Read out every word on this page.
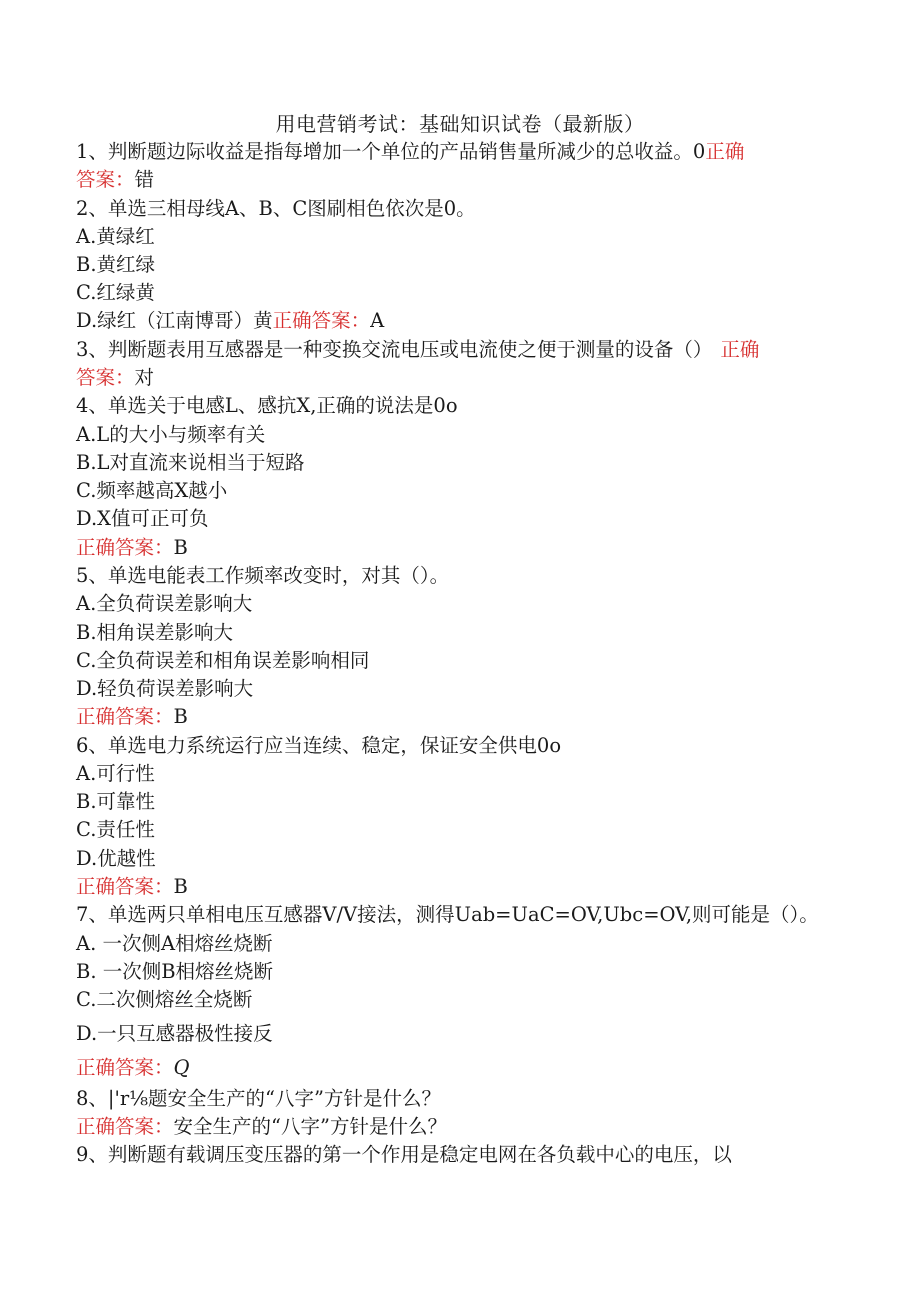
用电营销考试：基础知识试卷（最新版）
1、判断题边际收益是指每增加一个单位的产品销售量所减少的总收益。0正确
答案：错
2、单选三相母线A、B、C图刷相色依次是0。
A.黄绿红
B.黄红绿
C.红绿黄
D.绿红（江南博哥）黄正确答案：A
3、判断题表用互感器是一种变换交流电压或电流使之便于测量的设备（） 正确
答案：对
4、单选关于电感L、感抗X,正确的说法是0o
A.L的大小与频率有关
B.L对直流来说相当于短路
C.频率越高X越小
D.X值可正可负
正确答案：B
5、单选电能表工作频率改变时，对其（）。
A.全负荷误差影响大
B.相角误差影响大
C.全负荷误差和相角误差影响相同
D.轻负荷误差影响大
正确答案：B
6、单选电力系统运行应当连续、稳定，保证安全供电0o
A.可行性
B.可靠性
C.责任性
D.优越性
正确答案：B
7、单选两只单相电压互感器V/V接法，测得Uab=UaC=OV,Ubc=OV,则可能是（）。
A. 一次侧A相熔丝烧断
B. 一次侧B相熔丝烧断
C.二次侧熔丝全烧断
D.一只互感器极性接反
正确答案：Q
8、|'r⅛题安全生产的“八字”方针是什么？
正确答案：安全生产的“八字”方针是什么？
9、判断题有载调压变压器的第一个作用是稳定电网在各负载中心的电压，以
